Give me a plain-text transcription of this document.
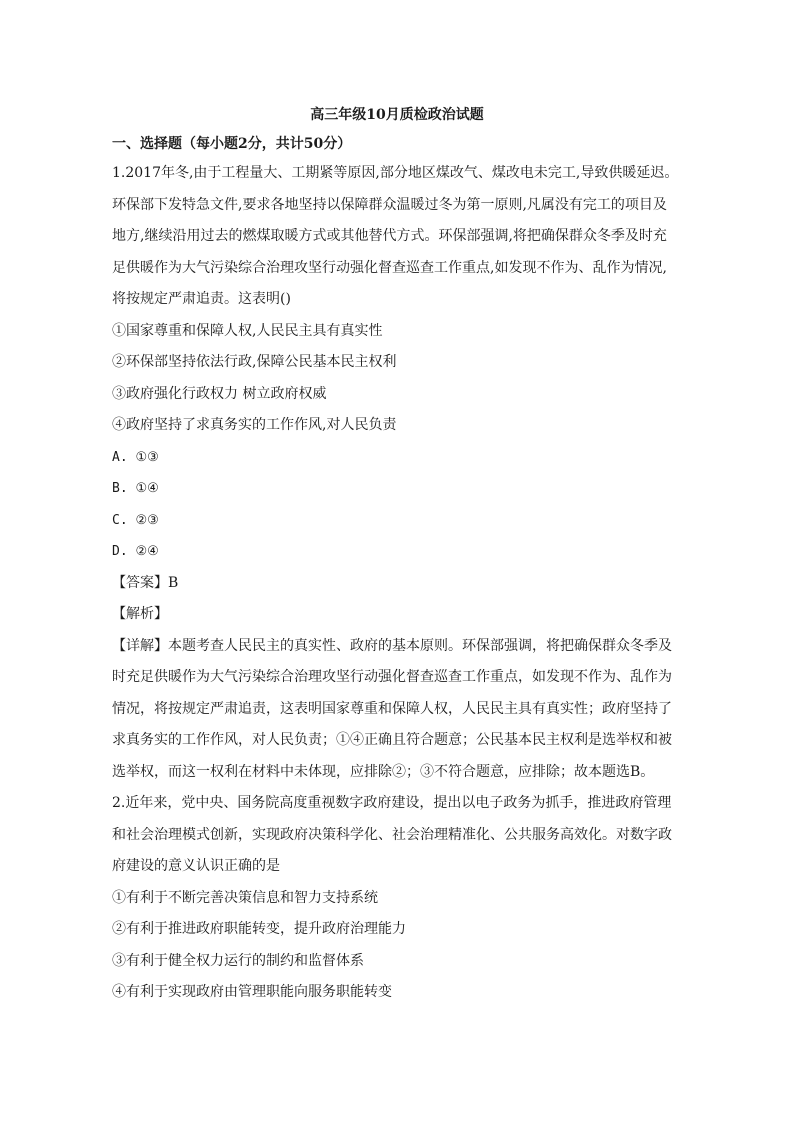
高三年级10月质检政治试题
一、选择题（每小题2分，共计50分）
1.2017年冬,由于工程量大、工期紧等原因,部分地区煤改气、煤改电未完工,导致供暖延迟。
环保部下发特急文件,要求各地坚持以保障群众温暖过冬为第一原则,凡属没有完工的项目及
地方,继续沿用过去的燃煤取暖方式或其他替代方式。环保部强调,将把确保群众冬季及时充
足供暖作为大气污染综合治理攻坚行动强化督查巡查工作重点,如发现不作为、乱作为情况,
将按规定严肃追责。这表明()
①国家尊重和保障人权,人民民主具有真实性
②环保部坚持依法行政,保障公民基本民主权利
③政府强化行政权力 树立政府权威
④政府坚持了求真务实的工作作风,对人民负责
A. ①③
B. ①④
C. ②③
D. ②④
【答案】B
【解析】
【详解】本题考查人民民主的真实性、政府的基本原则。环保部强调，将把确保群众冬季及
时充足供暖作为大气污染综合治理攻坚行动强化督查巡查工作重点，如发现不作为、乱作为
情况，将按规定严肃追责，这表明国家尊重和保障人权，人民民主具有真实性；政府坚持了
求真务实的工作作风，对人民负责；①④正确且符合题意；公民基本民主权利是选举权和被
选举权，而这一权利在材料中未体现，应排除②；③不符合题意，应排除；故本题选B。
2.近年来，党中央、国务院高度重视数字政府建设，提出以电子政务为抓手，推进政府管理
和社会治理模式创新，实现政府决策科学化、社会治理精准化、公共服务高效化。对数字政
府建设的意义认识正确的是
①有利于不断完善决策信息和智力支持系统
②有利于推进政府职能转变，提升政府治理能力
③有利于健全权力运行的制约和监督体系
④有利于实现政府由管理职能向服务职能转变
